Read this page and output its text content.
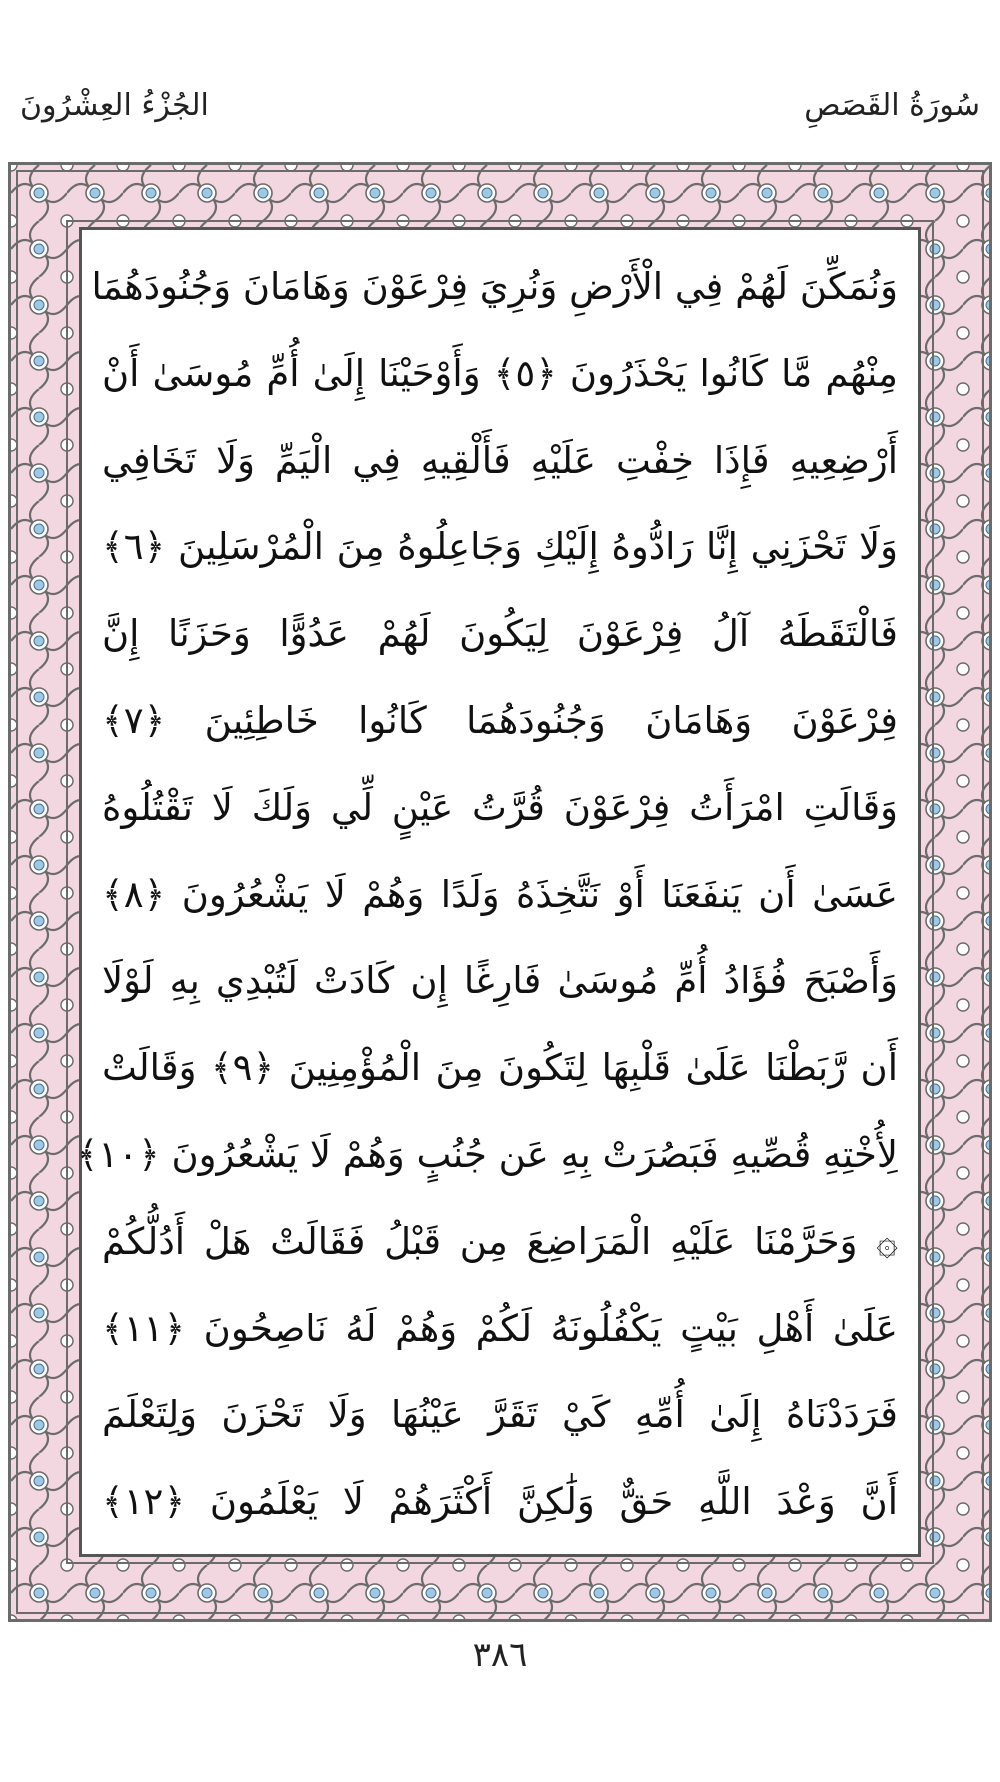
سُورَةُ القَصَصِ
الجُزْءُ العِشْرُونَ
وَنُمَكِّنَ لَهُمْ فِي الْأَرْضِ وَنُرِيَ فِرْعَوْنَ وَهَامَانَ وَجُنُودَهُمَا
مِنْهُم مَّا كَانُوا يَحْذَرُونَ ﴿٥﴾ وَأَوْحَيْنَا إِلَىٰ أُمِّ مُوسَىٰ أَنْ
أَرْضِعِيهِ فَإِذَا خِفْتِ عَلَيْهِ فَأَلْقِيهِ فِي الْيَمِّ وَلَا تَخَافِي
وَلَا تَحْزَنِي إِنَّا رَادُّوهُ إِلَيْكِ وَجَاعِلُوهُ مِنَ الْمُرْسَلِينَ ﴿٦﴾
فَالْتَقَطَهُ آلُ فِرْعَوْنَ لِيَكُونَ لَهُمْ عَدُوًّا وَحَزَنًا إِنَّ
فِرْعَوْنَ وَهَامَانَ وَجُنُودَهُمَا كَانُوا خَاطِئِينَ ﴿٧﴾
وَقَالَتِ امْرَأَتُ فِرْعَوْنَ قُرَّتُ عَيْنٍ لِّي وَلَكَ لَا تَقْتُلُوهُ
عَسَىٰ أَن يَنفَعَنَا أَوْ نَتَّخِذَهُ وَلَدًا وَهُمْ لَا يَشْعُرُونَ ﴿٨﴾
وَأَصْبَحَ فُؤَادُ أُمِّ مُوسَىٰ فَارِغًا إِن كَادَتْ لَتُبْدِي بِهِ لَوْلَا
أَن رَّبَطْنَا عَلَىٰ قَلْبِهَا لِتَكُونَ مِنَ الْمُؤْمِنِينَ ﴿٩﴾ وَقَالَتْ
لِأُخْتِهِ قُصِّيهِ فَبَصُرَتْ بِهِ عَن جُنُبٍ وَهُمْ لَا يَشْعُرُونَ ﴿١٠﴾
۞ وَحَرَّمْنَا عَلَيْهِ الْمَرَاضِعَ مِن قَبْلُ فَقَالَتْ هَلْ أَدُلُّكُمْ
عَلَىٰ أَهْلِ بَيْتٍ يَكْفُلُونَهُ لَكُمْ وَهُمْ لَهُ نَاصِحُونَ ﴿١١﴾
فَرَدَدْنَاهُ إِلَىٰ أُمِّهِ كَيْ تَقَرَّ عَيْنُهَا وَلَا تَحْزَنَ وَلِتَعْلَمَ
أَنَّ وَعْدَ اللَّهِ حَقٌّ وَلَٰكِنَّ أَكْثَرَهُمْ لَا يَعْلَمُونَ ﴿١٢﴾
٣٨٦
